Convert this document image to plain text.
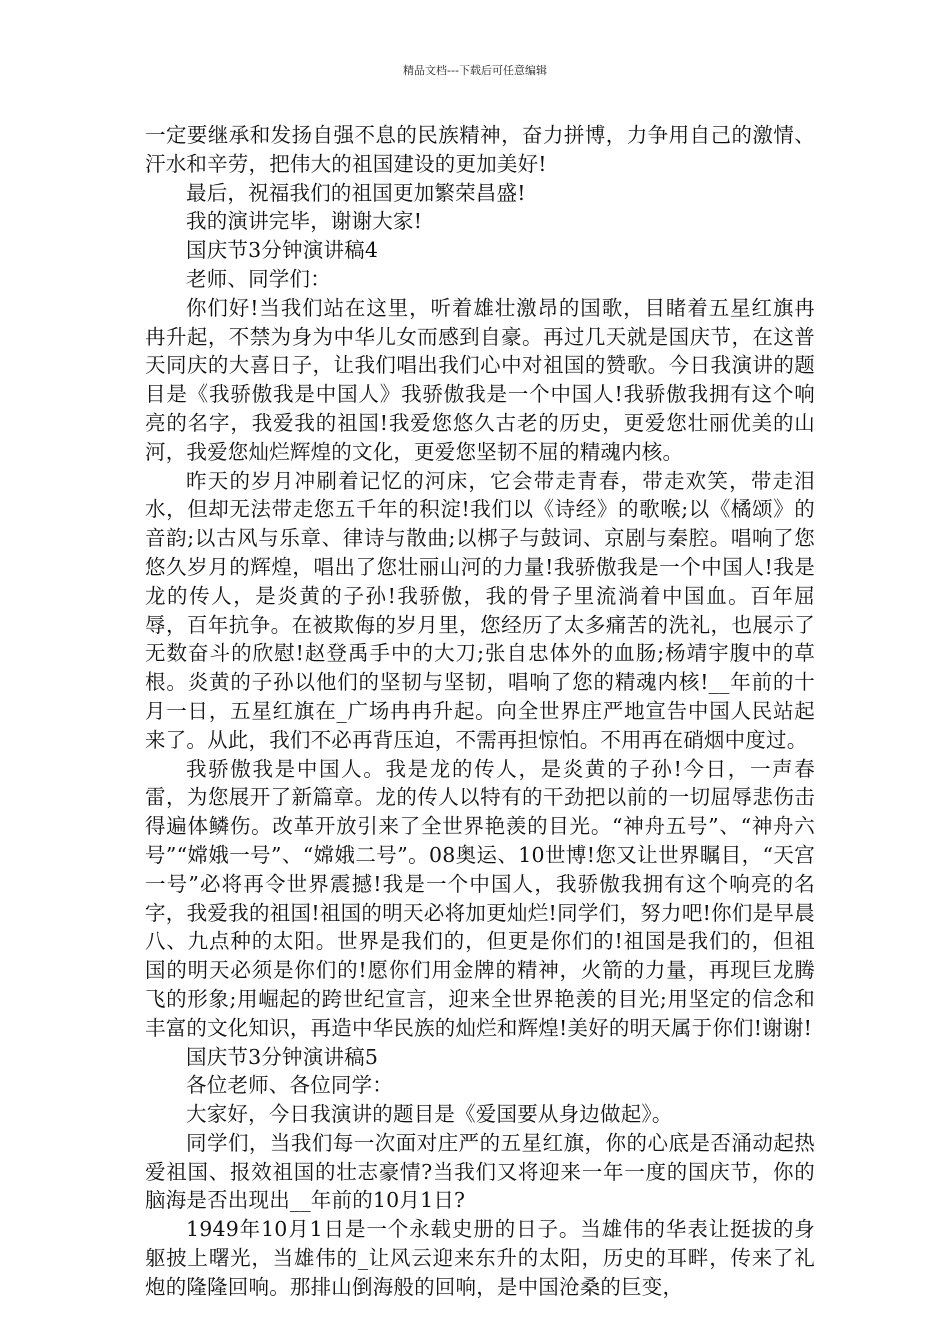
精品文档---下载后可任意编辑

一定要继承和发扬自强不息的民族精神，奋力拼博，力争用自己的激情、汗水和辛劳，把伟大的祖国建设的更加美好!

最后，祝福我们的祖国更加繁荣昌盛!

我的演讲完毕，谢谢大家!

国庆节3分钟演讲稿4

老师、同学们：

你们好!当我们站在这里，听着雄壮激昂的国歌，目睹着五星红旗冉冉升起，不禁为身为中华儿女而感到自豪。再过几天就是国庆节，在这普天同庆的大喜日子，让我们唱出我们心中对祖国的赞歌。今日我演讲的题目是《我骄傲我是中国人》我骄傲我是一个中国人!我骄傲我拥有这个响亮的名字，我爱我的祖国!我爱您悠久古老的历史，更爱您壮丽优美的山河，我爱您灿烂辉煌的文化，更爱您坚韧不屈的精魂内核。

昨天的岁月冲刷着记忆的河床，它会带走青春，带走欢笑，带走泪水，但却无法带走您五千年的积淀!我们以《诗经》的歌喉;以《橘颂》的音韵;以古风与乐章、律诗与散曲;以梆子与鼓词、京剧与秦腔。唱响了您悠久岁月的辉煌，唱出了您壮丽山河的力量!我骄傲我是一个中国人!我是龙的传人，是炎黄的子孙!我骄傲，我的骨子里流淌着中国血。百年屈辱，百年抗争。在被欺侮的岁月里，您经历了太多痛苦的洗礼，也展示了无数奋斗的欣慰!赵登禹手中的大刀;张自忠体外的血肠;杨靖宇腹中的草根。炎黄的子孙以他们的坚韧与坚韧，唱响了您的精魂内核!__年前的十月一日，五星红旗在_广场冉冉升起。向全世界庄严地宣告中国人民站起来了。从此，我们不必再背压迫，不需再担惊怕。不用再在硝烟中度过。

我骄傲我是中国人。我是龙的传人，是炎黄的子孙!今日，一声春雷，为您展开了新篇章。龙的传人以特有的干劲把以前的一切屈辱悲伤击得遍体鳞伤。改革开放引来了全世界艳羡的目光。“神舟五号”、“神舟六号”“嫦娥一号”、“嫦娥二号”。08奥运、10世博!您又让世界瞩目，“天宫一号”必将再令世界震撼!我是一个中国人，我骄傲我拥有这个响亮的名字，我爱我的祖国!祖国的明天必将加更灿烂!同学们，努力吧!你们是早晨八、九点种的太阳。世界是我们的，但更是你们的!祖国是我们的，但祖国的明天必须是你们的!愿你们用金牌的精神，火箭的力量，再现巨龙腾飞的形象;用崛起的跨世纪宣言，迎来全世界艳羡的目光;用坚定的信念和丰富的文化知识，再造中华民族的灿烂和辉煌!美好的明天属于你们!谢谢!

国庆节3分钟演讲稿5

各位老师、各位同学：

大家好，今日我演讲的题目是《爱国要从身边做起》。

同学们，当我们每一次面对庄严的五星红旗，你的心底是否涌动起热爱祖国、报效祖国的壮志豪情?当我们又将迎来一年一度的国庆节，你的脑海是否出现出__年前的10月1日?

1949年10月1日是一个永载史册的日子。当雄伟的华表让挺拔的身躯披上曙光，当雄伟的_让风云迎来东升的太阳，历史的耳畔，传来了礼炮的隆隆回响。那排山倒海般的回响，是中国沧桑的巨变，
